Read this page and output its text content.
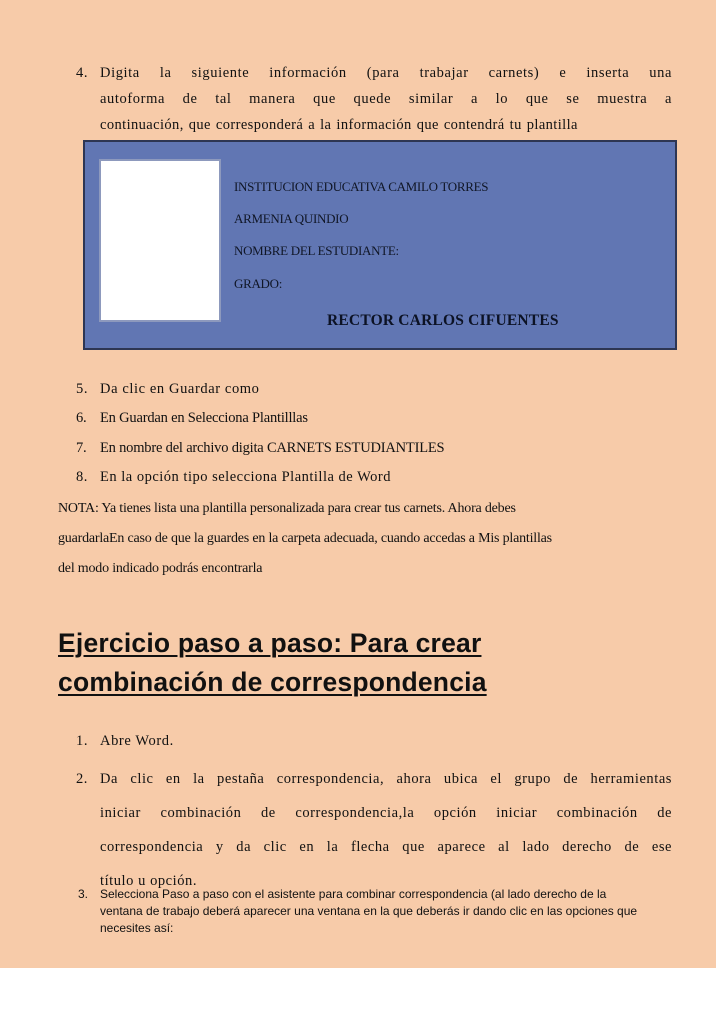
4. Digita la siguiente información (para trabajar carnets) e inserta una
autoforma de tal manera que quede similar a lo que se muestra a
continuación, que corresponderá a la información que contendrá tu plantilla
INSTITUCION EDUCATIVA CAMILO TORRES
ARMENIA QUINDIO
NOMBRE DEL ESTUDIANTE:
GRADO:
RECTOR CARLOS CIFUENTES
5. Da clic en Guardar como
6. En Guardan en Selecciona Plantilllas
7. En nombre del archivo digita CARNETS ESTUDIANTILES
8. En la opción tipo selecciona Plantilla de Word
NOTA: Ya tienes lista una plantilla personalizada para crear tus carnets. Ahora debes
guardarlaEn caso de que la guardes en la carpeta adecuada, cuando accedas a Mis plantillas
del modo indicado podrás encontrarla
Ejercicio paso a paso: Para crear
combinación de correspondencia
1. Abre Word.
2. Da clic en la pestaña correspondencia, ahora ubica el grupo de herramientas
iniciar combinación de correspondencia,la opción iniciar combinación de
correspondencia y da clic en la flecha que aparece al lado derecho de ese
título u opción.
3. Selecciona Paso a paso con el asistente para combinar correspondencia (al lado derecho de la
ventana de trabajo deberá aparecer una ventana en la que deberás ir dando clic en las opciones que
necesites así:
